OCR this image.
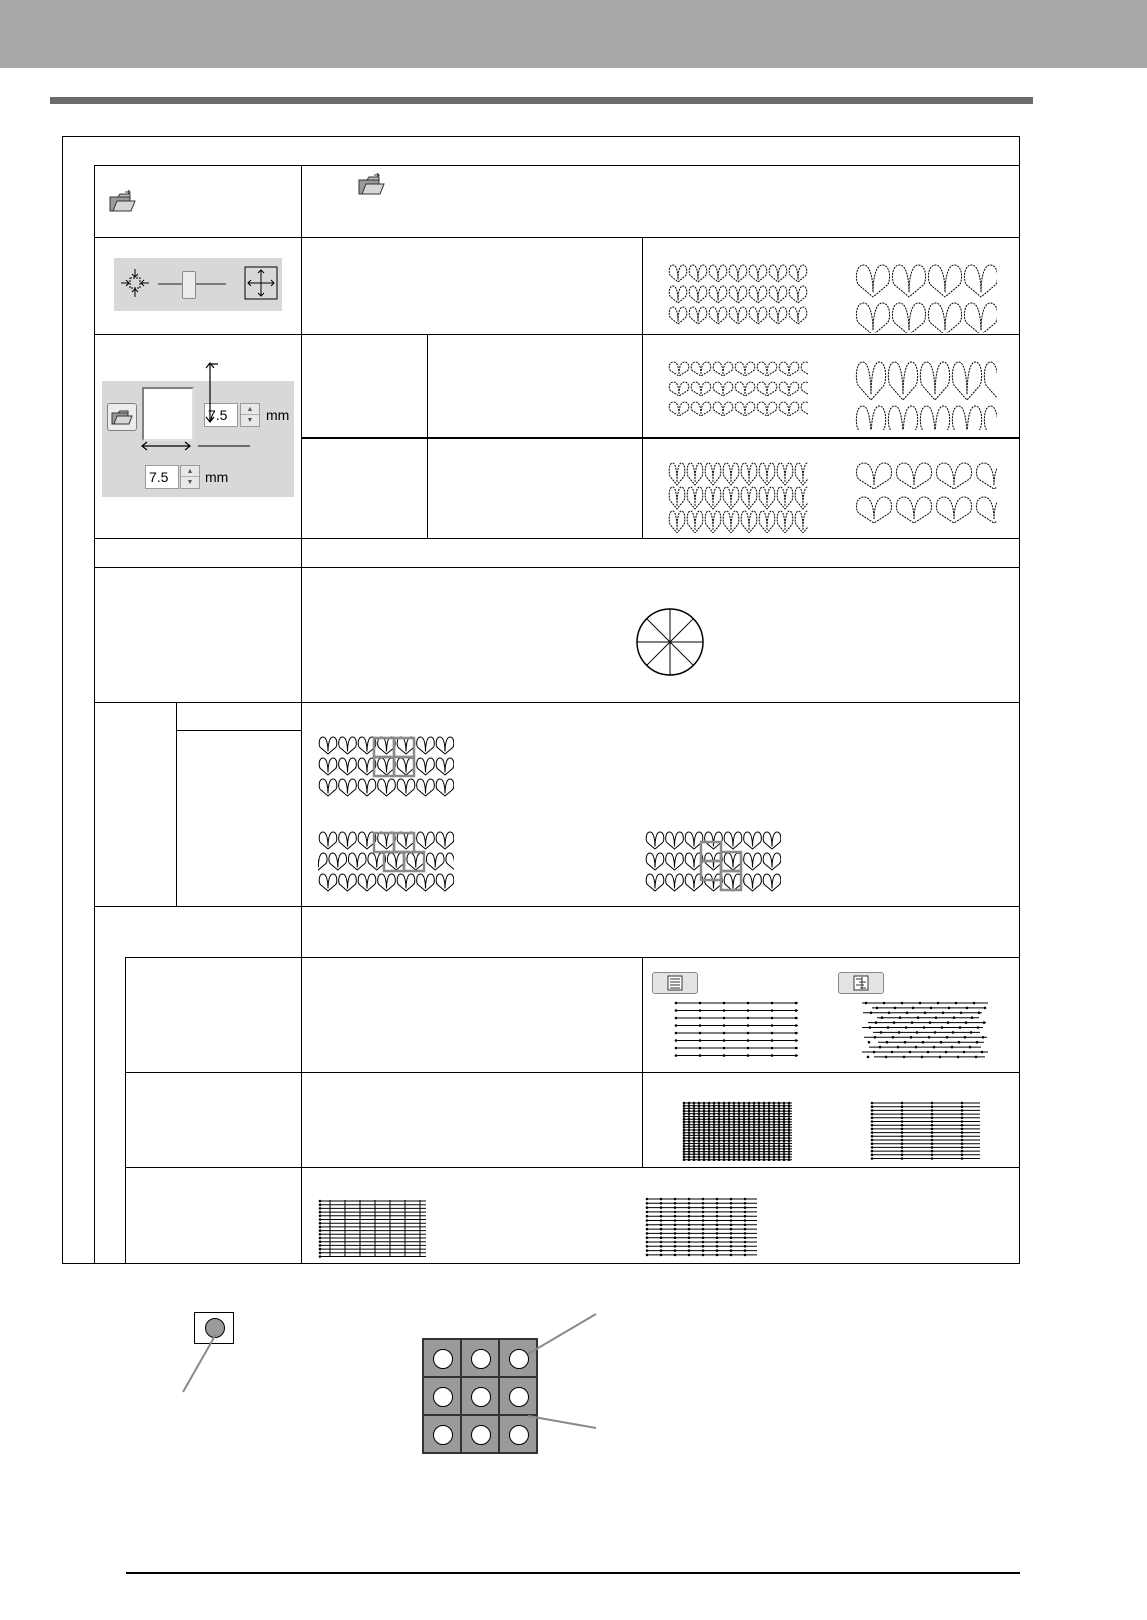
7.5	▲
▼ mm
7.5	▲
▼ mm
